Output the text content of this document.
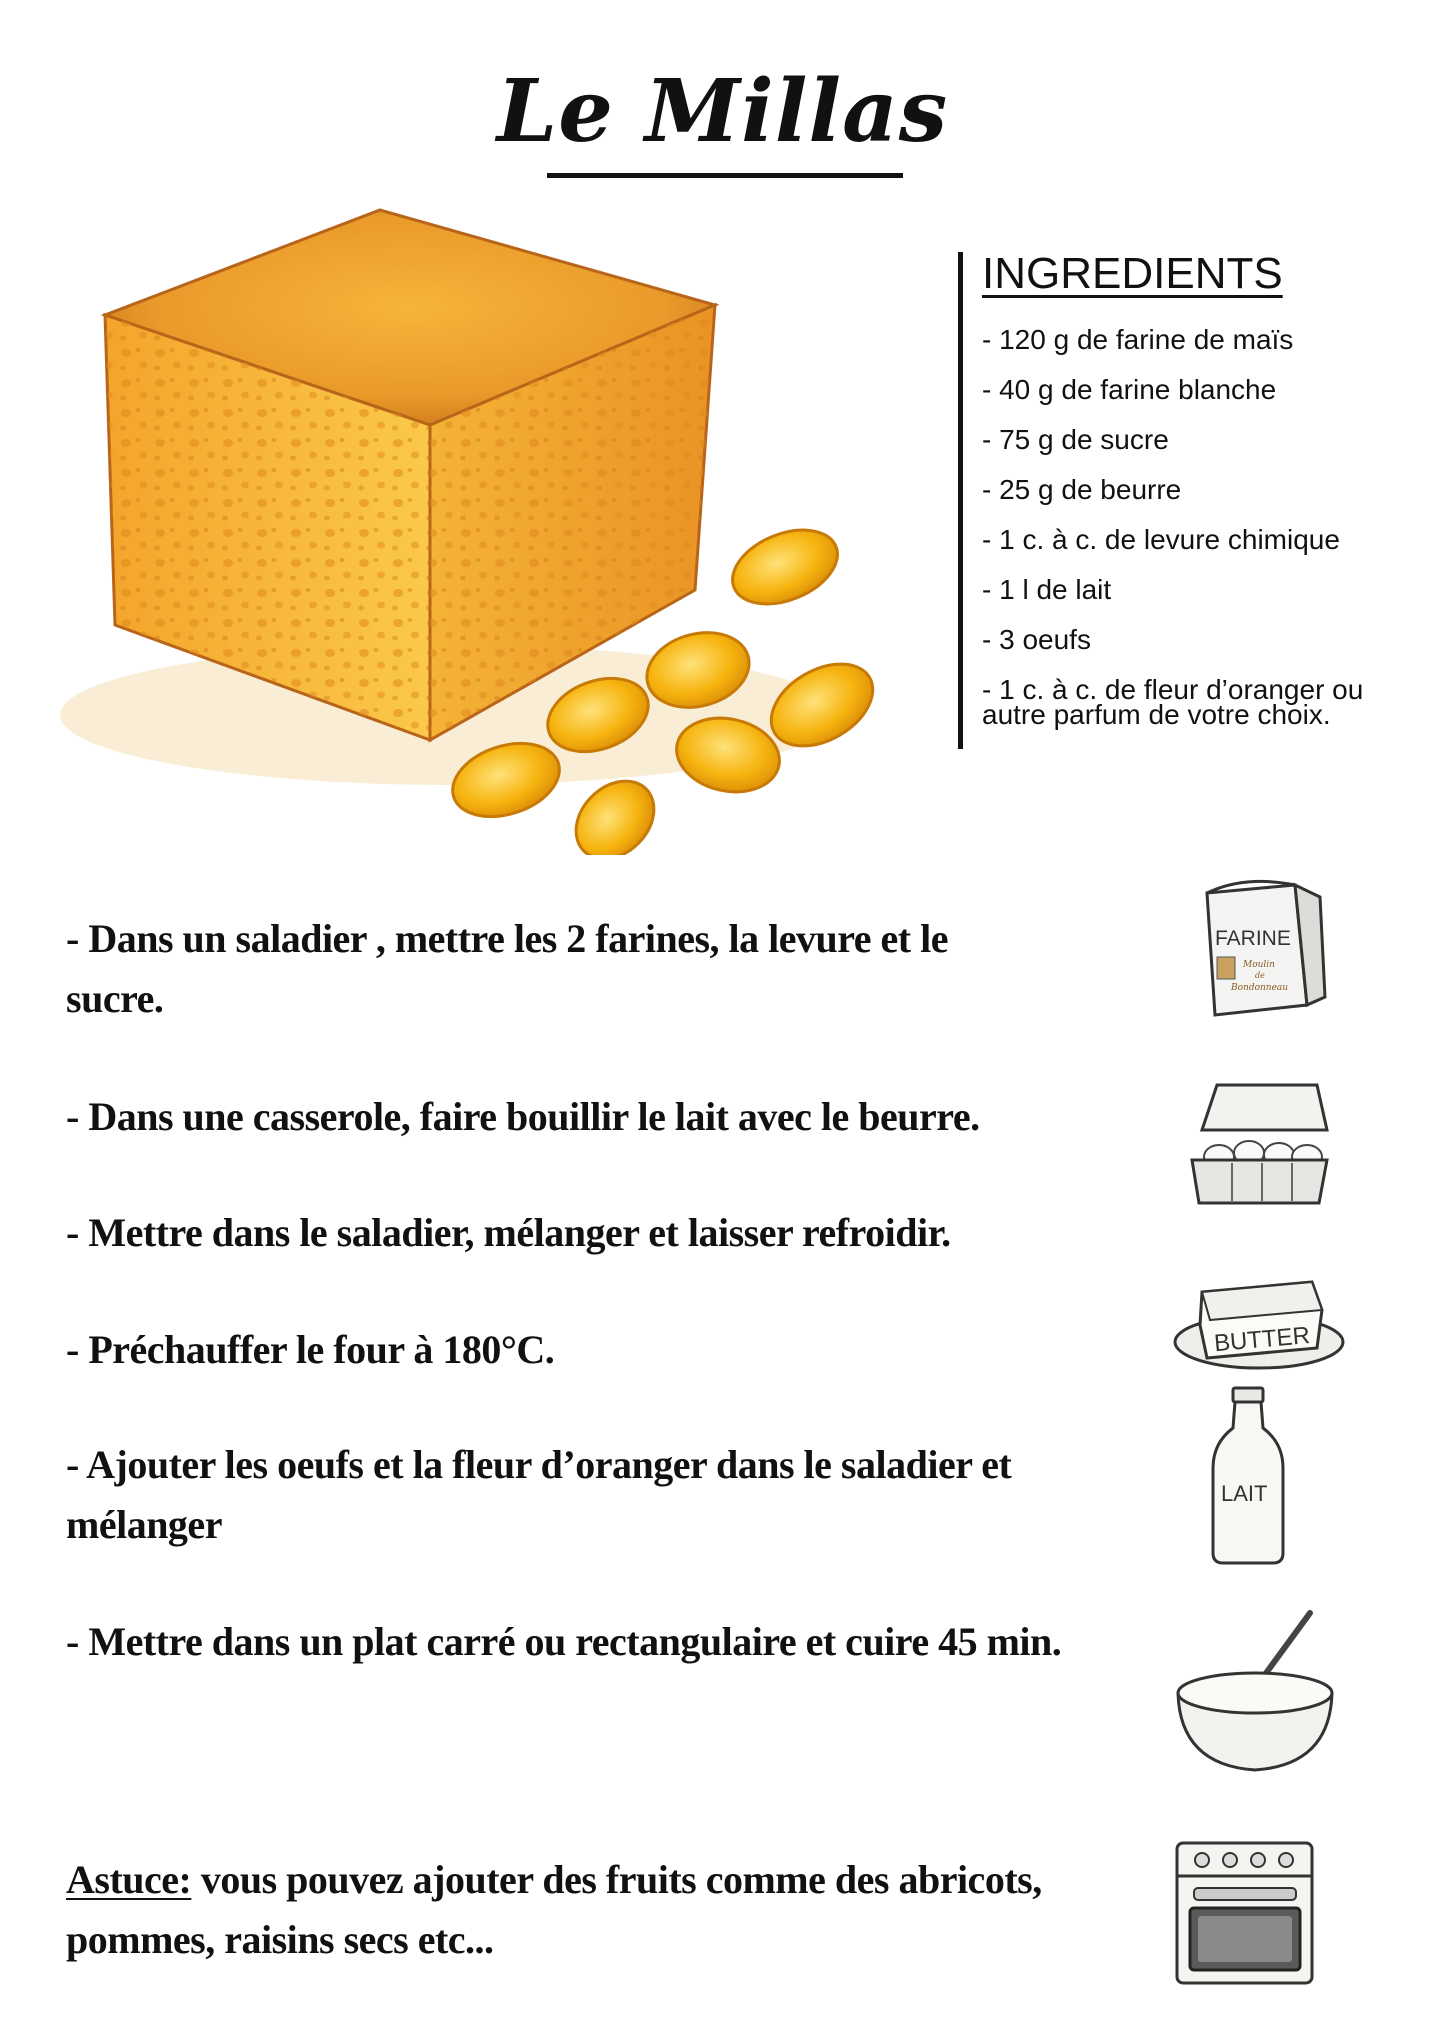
Le Millas
INGREDIENTS
- 120 g de farine de maïs
- 40 g de farine blanche
- 75 g de sucre
- 25 g de beurre
- 1 c. à c. de levure chimique
- 1 l de lait
- 3 oeufs
- 1 c. à c. de fleur d’oranger ou autre parfum de votre choix.
- Dans un saladier , mettre les 2 farines, la levure et le sucre.
- Dans une casserole, faire bouillir le lait avec le beurre.
- Mettre dans le saladier, mélanger et laisser refroidir.
- Préchauffer le four à 180°C.
- Ajouter les oeufs et la fleur d’oranger dans le saladier et mélanger
- Mettre dans un plat carré ou rectangulaire et cuire 45 min.
Astuce: vous pouvez ajouter des fruits comme des abricots, pommes, raisins secs etc...
FARINE
Moulin
de
Bondonneau
BUTTER
LAIT
